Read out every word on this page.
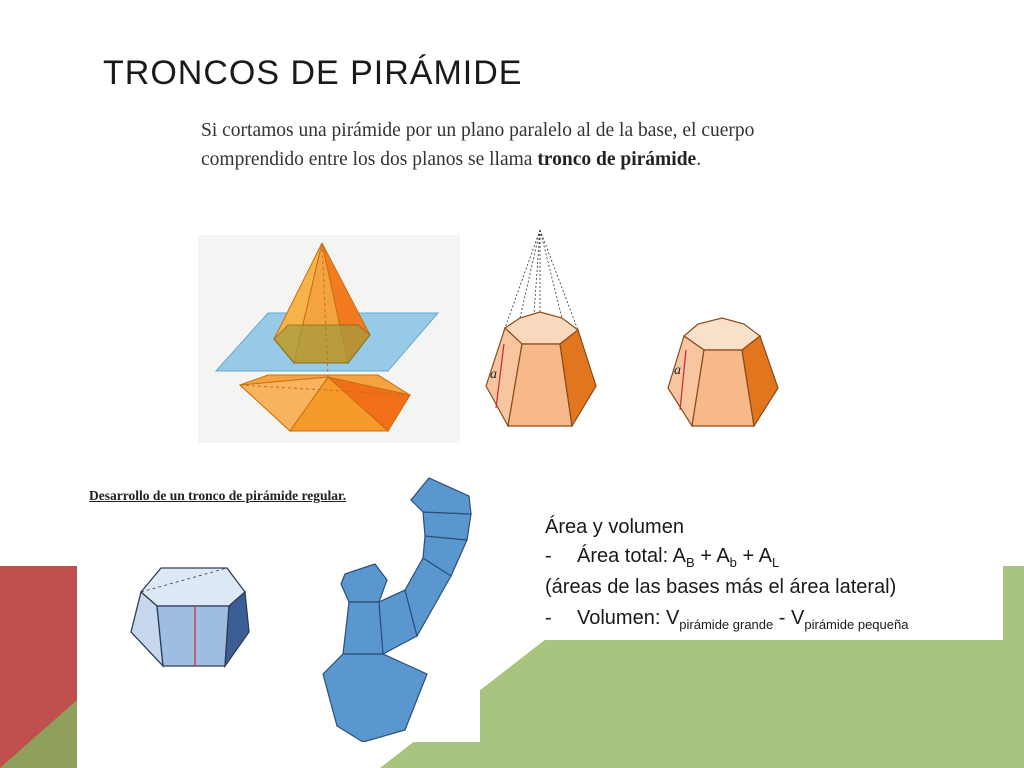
TRONCOS DE PIRÁMIDE
Si cortamos una pirámide por un plano paralelo al de la base, el cuerpo comprendido entre los dos planos se llama tronco de pirámide.
a	a
Desarrollo de un tronco de pirámide regular.
Área y volumen
- Área total: $A_B + A_b + A_L$
(áreas de las bases más el área lateral)
- Volumen: $V_{pirámide grande} - V_{pirámide pequeña}$
